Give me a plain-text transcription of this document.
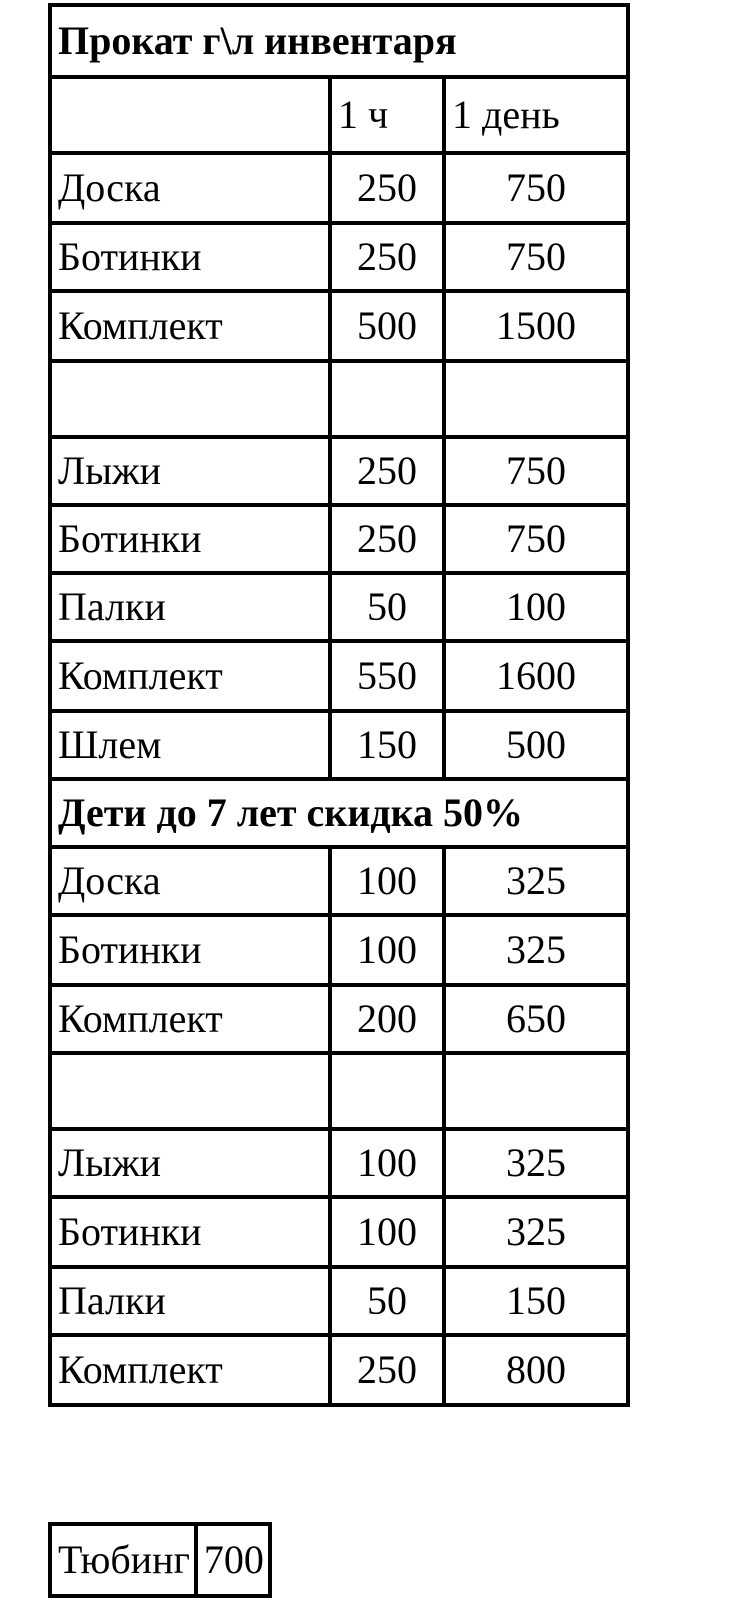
Прокат г\л инвентаря		
	1 ч	1 день
Доска	250	750
Ботинки	250	750
Комплект	500	1500

Лыжи	250	750
Ботинки	250	750
Палки	50	100
Комплект	550	1600
Шлем	150	500
Дети до 7 лет скидка 50%		
Доска	100	325
Ботинки	100	325
Комплект	200	650

Лыжи	100	325
Ботинки	100	325
Палки	50	150
Комплект	250	800
Тюбинг	700
